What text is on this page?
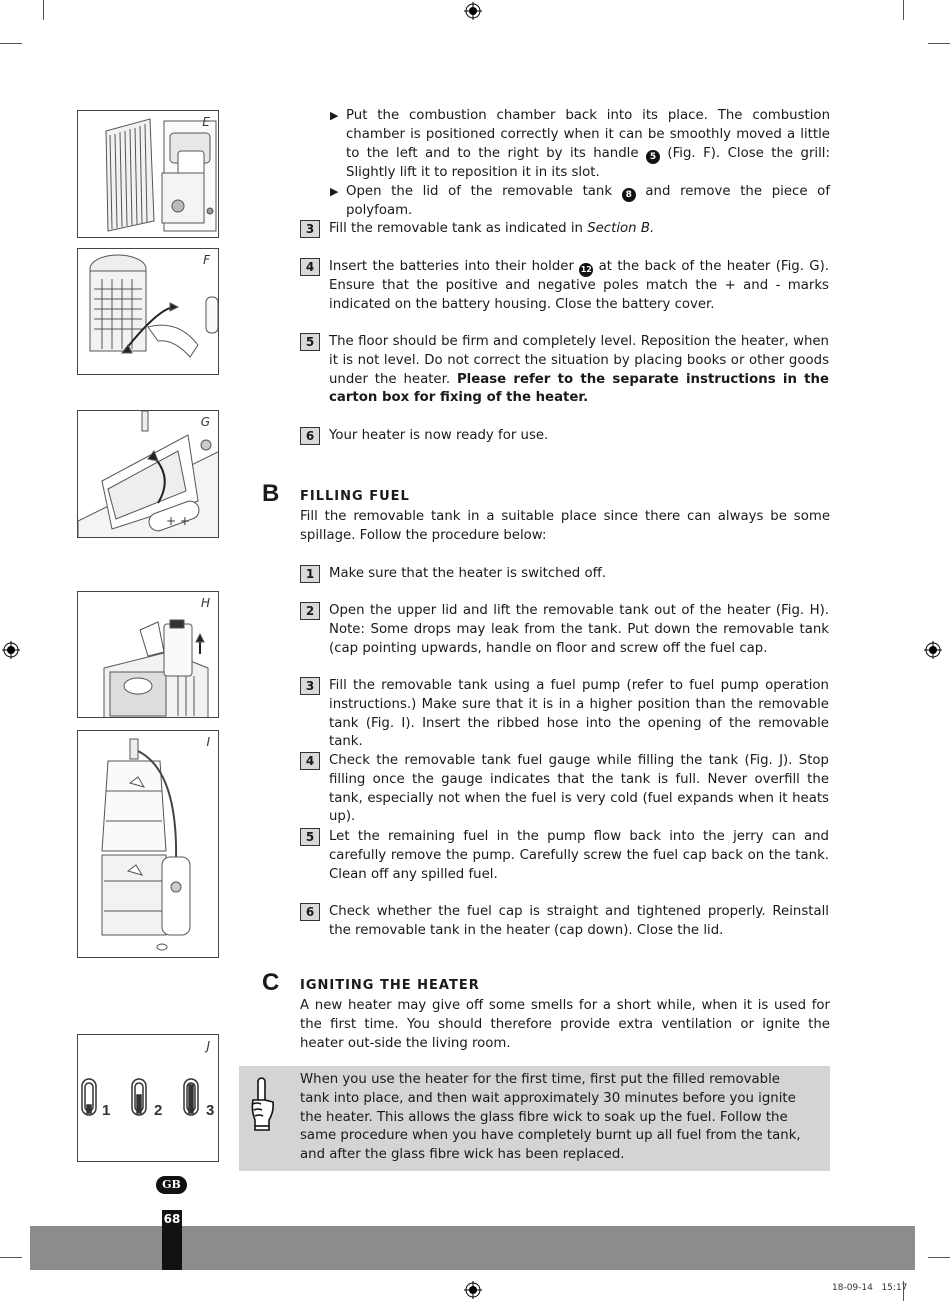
E
F
+ +
G
H
I
1	2	3
J
▶ Put the combustion chamber back into its place. The combustion chamber is positioned correctly when it can be smoothly moved a little to the left and to the right by its handle 5 (Fig. F). Close the grill: Slightly lift it to reposition it in its slot.
▶ Open the lid of the removable tank 8 and remove the piece of polyfoam.
3	Fill the removable tank as indicated in Section B.
4	Insert the batteries into their holder 12 at the back of the heater (Fig. G). Ensure that the positive and negative poles match the + and - marks indicated on the battery housing. Close the battery cover.
5	The floor should be firm and completely level. Reposition the heater, when it is not level. Do not correct the situation by placing books or other goods under the heater. Please refer to the separate instructions in the carton box for fixing of the heater.
6	Your heater is now ready for use.
B FILLING FUEL
Fill the removable tank in a suitable place since there can always be some spillage. Follow the procedure below:
1	Make sure that the heater is switched off.
2	Open the upper lid and lift the removable tank out of the heater (Fig. H). Note: Some drops may leak from the tank. Put down the removable tank (cap pointing upwards, handle on floor and screw off the fuel cap.
3	Fill the removable tank using a fuel pump (refer to fuel pump operation instructions.) Make sure that it is in a higher position than the removable tank (Fig. I). Insert the ribbed hose into the opening of the removable tank.
4	Check the removable tank fuel gauge while filling the tank (Fig. J). Stop filling once the gauge indicates that the tank is full. Never overfill the tank, especially not when the fuel is very cold (fuel expands when it heats up).
5	Let the remaining fuel in the pump flow back into the jerry can and carefully remove the pump. Carefully screw the fuel cap back on the tank. Clean off any spilled fuel.
6	Check whether the fuel cap is straight and tightened properly. Reinstall the removable tank in the heater (cap down). Close the lid.
C IGNITING THE HEATER
A new heater may give off some smells for a short while, when it is used for the first time. You should therefore provide extra ventilation or ignite the heater out-side the living room.
When you use the heater for the first time, first put the filled removable tank into place, and then wait approximately 30 minutes before you ignite the heater. This allows the glass fibre wick to soak up the fuel. Follow the same procedure when you have completely burnt up all fuel from the tank, and after the glass fibre wick has been replaced.
GB
68
18-09-14 15:17
